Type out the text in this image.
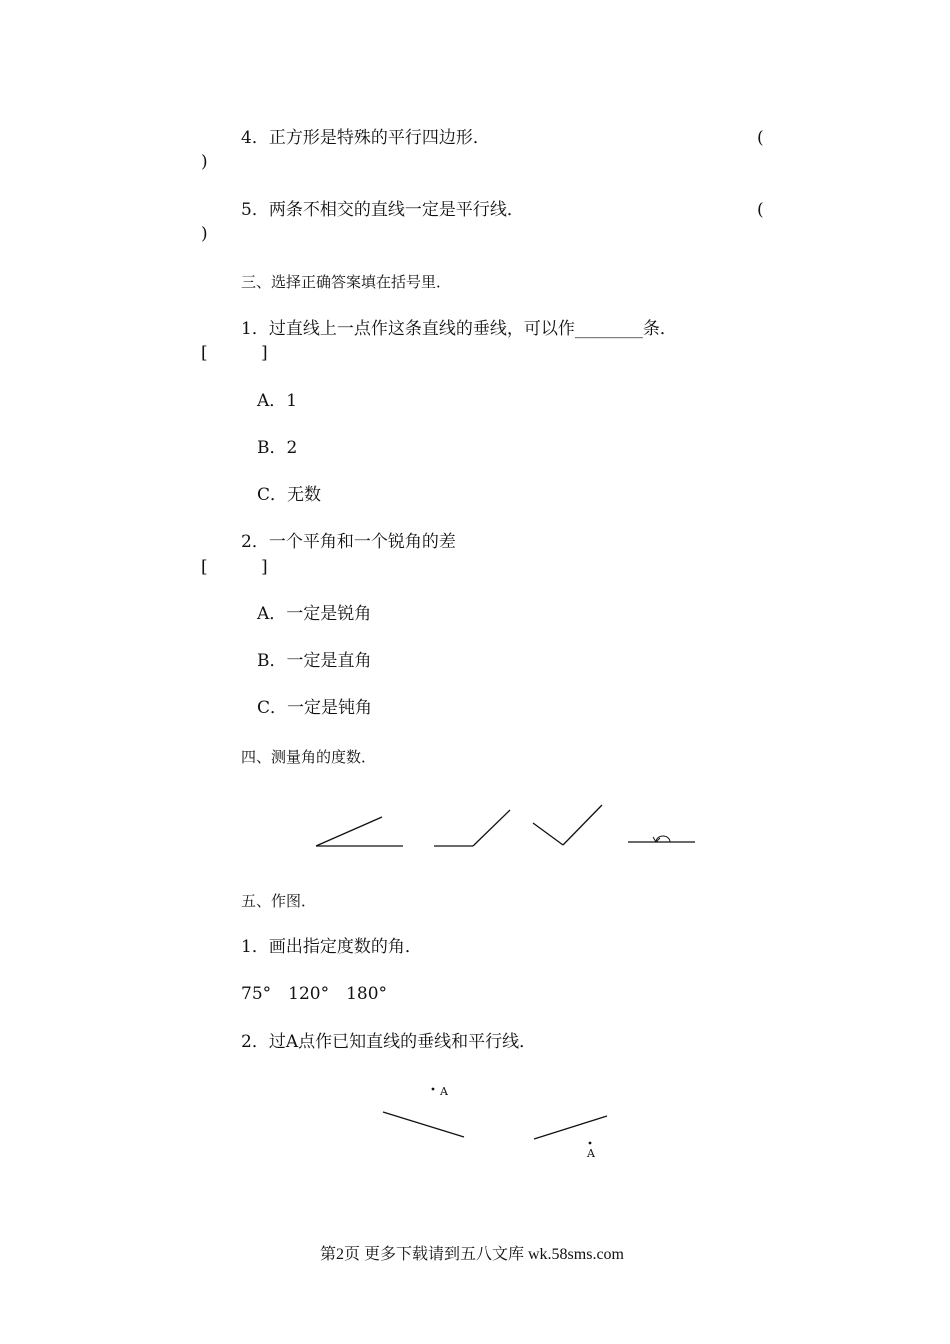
4．正方形是特殊的平行四边形．	(
)
5．两条不相交的直线一定是平行线．	(
)
三、选择正确答案填在括号里．
1．过直线上一点作这条直线的垂线，可以作________条．
[	]
A．1
B．2
C．无数
2．一个平角和一个锐角的差
[	]
A．一定是锐角
B．一定是直角
C．一定是钝角
四、测量角的度数．
五、作图．
1．画出指定度数的角．
75°　120°　180°
2．过A点作已知直线的垂线和平行线．
A
A
第2页 更多下载请到五八文库 wk.58sms.com
